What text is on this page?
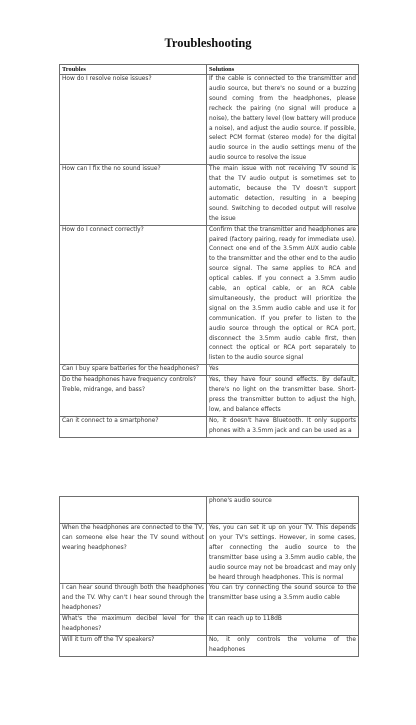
Troubleshooting
Troubles	Solutions
How do I resolve noise issues?	If the cable is connected to the transmitter and audio source, but there's no sound or a buzzing sound coming from the headphones, please recheck the pairing (no signal will produce a noise), the battery level (low battery will produce a noise), and adjust the audio source. If possible, select PCM format (stereo mode) for the digital audio source in the audio settings menu of the audio source to resolve the issue
How can I fix the no sound issue?	The main issue with not receiving TV sound is that the TV audio output is sometimes set to automatic, because the TV doesn't support automatic detection, resulting in a beeping sound. Switching to decoded output will resolve the issue
How do I connect correctly?	Confirm that the transmitter and headphones are paired (factory pairing, ready for immediate use). Connect one end of the 3.5mm AUX audio cable to the transmitter and the other end to the audio source signal. The same applies to RCA and optical cables. If you connect a 3.5mm audio cable, an optical cable, or an RCA cable simultaneously, the product will prioritize the signal on the 3.5mm audio cable and use it for communication. If you prefer to listen to the audio source through the optical or RCA port, disconnect the 3.5mm audio cable first, then connect the optical or RCA port separately to listen to the audio source signal
Can I buy spare batteries for the headphones?	Yes
Do the headphones have frequency controls? Treble, midrange, and bass?	Yes, they have four sound effects. By default, there's no light on the transmitter base. Short-press the transmitter button to adjust the high, low, and balance effects
Can it connect to a smartphone?	No, it doesn't have Bluetooth. It only supports phones with a 3.5mm jack and can be used as a
	phone's audio source
When the headphones are connected to the TV, can someone else hear the TV sound without wearing headphones?	Yes, you can set it up on your TV. This depends on your TV's settings. However, in some cases, after connecting the audio source to the transmitter base using a 3.5mm audio cable, the audio source may not be broadcast and may only be heard through headphones. This is normal
I can hear sound through both the headphones and the TV. Why can't I hear sound through the headphones?	You can try connecting the sound source to the transmitter base using a 3.5mm audio cable
What's the maximum decibel level for the headphones?	It can reach up to 118dB
Will it turn off the TV speakers?	No, it only controls the volume of the headphones
